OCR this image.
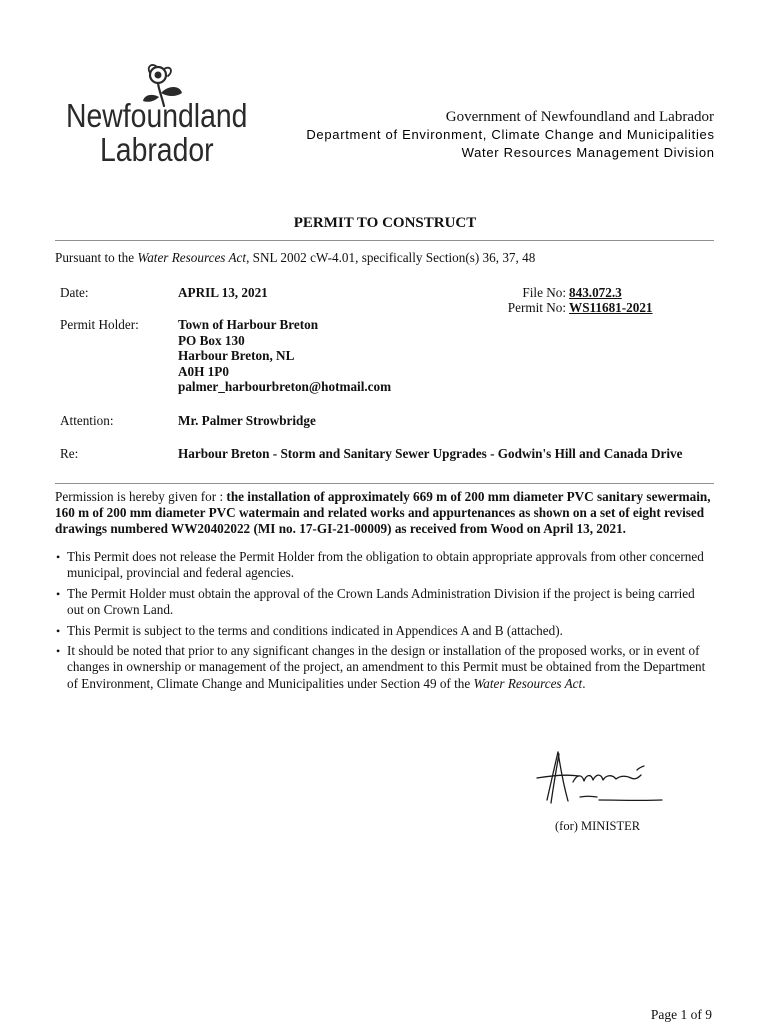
Newfoundland
Labrador
Government of Newfoundland and Labrador
Department of Environment, Climate Change and Municipalities
Water Resources Management Division
PERMIT TO CONSTRUCT
Pursuant to the Water Resources Act, SNL 2002 cW-4.01, specifically Section(s) 36, 37, 48
Date:	APRIL 13, 2021	File No: 843.072.3
Permit No: WS11681-2021
Permit Holder:	Town of Harbour Breton
PO Box 130
Harbour Breton, NL
A0H 1P0
palmer_harbourbreton@hotmail.com
Attention:	Mr. Palmer Strowbridge
Re:	Harbour Breton - Storm and Sanitary Sewer Upgrades - Godwin's Hill and Canada Drive
Permission is hereby given for : the installation of approximately 669 m of 200 mm diameter PVC sanitary sewermain, 160 m of 200 mm diameter PVC watermain and related works and appurtenances as shown on a set of eight revised drawings numbered WW20402022 (MI no. 17-GI-21-00009) as received from Wood on April 13, 2021.
• This Permit does not release the Permit Holder from the obligation to obtain appropriate approvals from other concerned municipal, provincial and federal agencies.
• The Permit Holder must obtain the approval of the Crown Lands Administration Division if the project is being carried out on Crown Land.
• This Permit is subject to the terms and conditions indicated in Appendices A and B (attached).
• It should be noted that prior to any significant changes in the design or installation of the proposed works, or in event of changes in ownership or management of the project, an amendment to this Permit must be obtained from the Department of Environment, Climate Change and Municipalities under Section 49 of the Water Resources Act.
(for) MINISTER
Page 1 of 9
